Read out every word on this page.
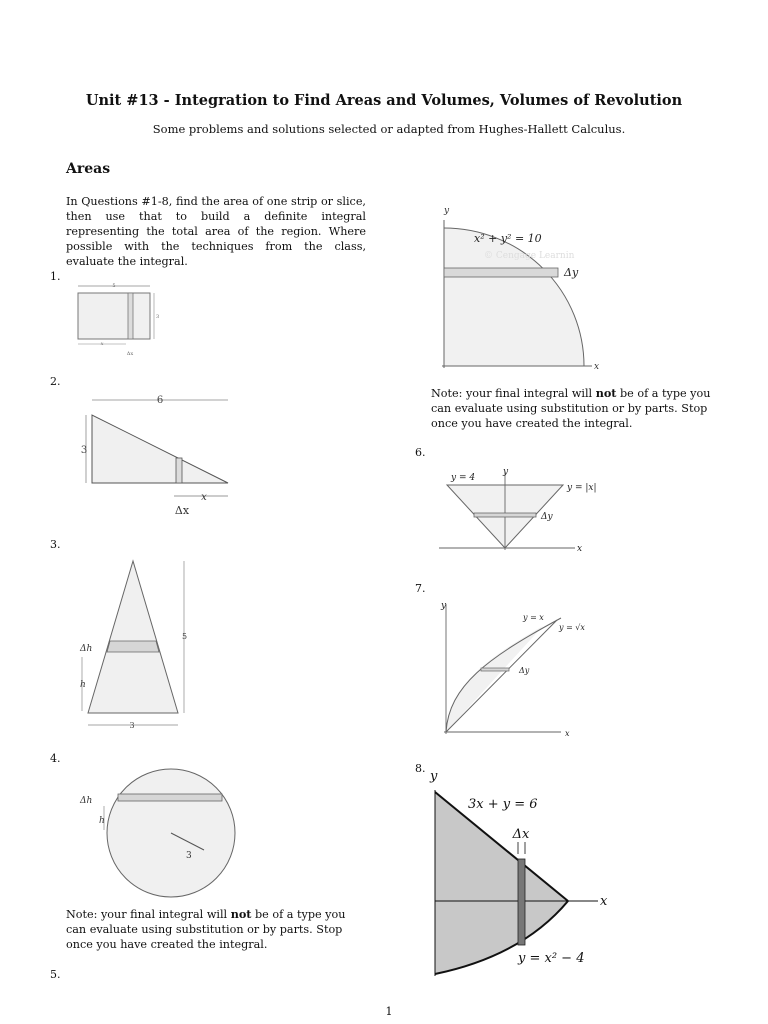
Unit #13 - Integration to Find Areas and Volumes, Volumes of Revolution
Some problems and solutions selected or adapted from Hughes-Hallett Calculus.
Areas
In Questions #1-8, find the area of one strip or slice, then use that to build a definite integral representing the total area of the region. Where possible with the techniques from the class, evaluate the integral.
1.
2.
3.
4.
5.
6.
7.
8.
5
3
x
Δx
6
3
x
Δx
5
Δh
h
3
3
Δh
h
Note: your final integral will not be of a type you can evaluate using substitution or by parts. Stop once you have created the integral.
y
x
x² + y² = 10
© Cengage Learnin
Δy
Note: your final integral will not be of a type you can evaluate using substitution or by parts. Stop once you have created the integral.
y = 4
y
y = |x|
Δy
x
y
y = x
y = √x
Δy
x
y
Δx
3x + y = 6
x
y = x² − 4
1
